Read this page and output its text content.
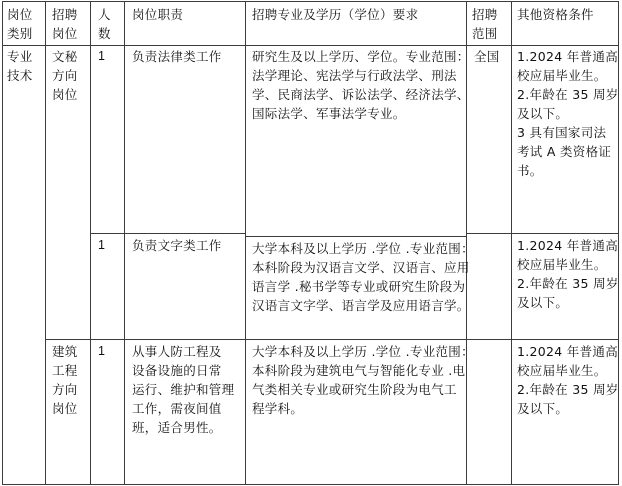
岗位
类别
招聘
岗位
人
数
岗位职责	招聘专业及学历（学位）要求	招聘
范围
其他资格条件
专业
技术
文秘
方向
岗位
建筑
工程
方向
岗位
1 负责法律类工作 研究生及以上学历、学位。专业范围：
法学理论、宪法学与行政法学、刑法
学、民商法学、诉讼法学、经济法学、
国际法学、军事法学专业。
全国 1.2024 年普通高
校应届毕业生。
2.年龄在 35 周岁
及以下。
3 具有国家司法
考试 A 类资格证
书。
1 负责文字类工作 大学本科及以上学历 .学位 .专业范围：
本科阶段为汉语言文学、汉语言、应用
语言学 .秘书学等专业或研究生阶段为
汉语言文字学、语言学及应用语言学。
1.2024 年普通高
校应届毕业生。
2.年龄在 35 周岁
及以下。
1 从事人防工程及
设备设施的日常
运行、维护和管理
工作，需夜间值
班，适合男性。
大学本科及以上学历 .学位 .专业范围：
本科阶段为建筑电气与智能化专业 .电
气类相关专业或研究生阶段为电气工
程学科。
1.2024 年普通高
校应届毕业生。
2.年龄在 35 周岁
及以下。
